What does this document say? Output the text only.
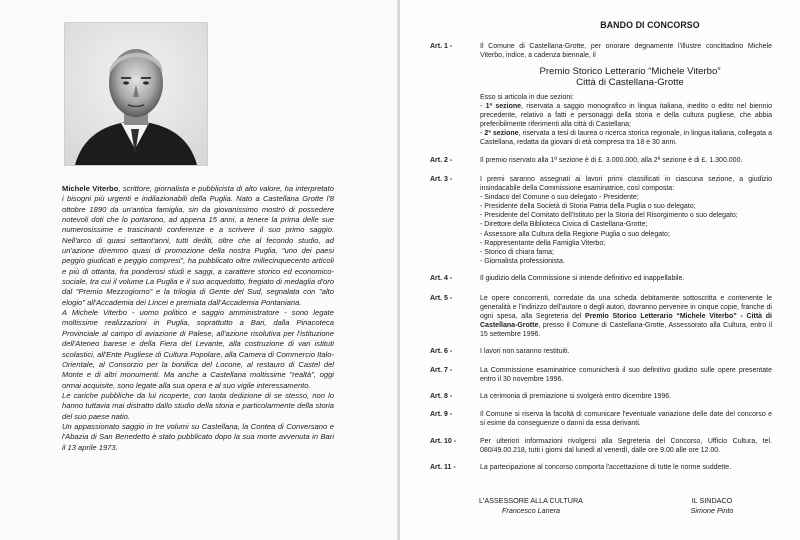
Michele Viterbo, scrittore, giornalista e pubblicista di alto valore, ha interpretato i bisogni più urgenti e indilazionabili della Puglia. Nato a Castellana Grotte l'8 ottobre 1890 da un'antica famiglia, sin da giovanissimo mostrò di possedere notevoli doti che lo portarono, ad appena 15 anni, a tenere la prima delle sue numerosissime e trascinanti conferenze e a scrivere il suo primo saggio. Nell'arco di quasi settant'anni, tutti dediti, oltre che al fecondo studio, ad un'azione diremmo quasi di promozione della nostra Puglia, "uno dei paesi peggio giudicati e peggio compresi", ha pubblicato oltre millecinquecento articoli e più di ottanta, fra ponderosi studi e saggi, a carattere storico ed economico-sociale, tra cui il volume La Puglia e il suo acquedotto, fregiato di medaglia d'oro dal "Premio Mezzogiorno" e la trilogia di Gente del Sud, segnalata con "alto elogio" all'Accademia dei Lincei e premiata dall'Accademia Pontaniana.

A Michele Viterbo - uomo politico e saggio amministratore - sono legate moltissime realizzazioni in Puglia, soprattutto a Bari, dalla Pinacoteca Provinciale al campo di aviazione di Palese, all'azione risolutiva per l'istituzione dell'Ateneo barese e della Fiera del Levante, alla costruzione di vari istituti scolastici, all'Ente Pugliese di Cultura Popolare, alla Camera di Commercio Italo-Orientale, al Consorzio per la bonifica del Locone, al restauro di Castel del Monte e di altri monumenti. Ma anche a Castellana moltissime "realtà", oggi ormai acquisite, sono legate alla sua opera e al suo vigile interessamento.

Le cariche pubbliche da lui ricoperte, con tanta dedizione di se stesso, non lo hanno tuttavia mai distratto dallo studio della storia e particolarmente della storia del suo paese natio.

Un appassionato saggio in tre volumi su Castellana, la Contea di Conversano e l'Abazia di San Benedetto è stato pubblicato dopo la sua morte avvenuta in Bari il 13 aprile 1973.

BANDO DI CONCORSO
Art. 1 -	Il Comune di Castellana-Grotte, per onorare degnamente l'illustre concittadino Michele Viterbo, indice, a cadenza biennale, il
Premio Storico Letterario “Michele Viterbo”
Città di Castellana-Grotte
Esso si articola in due sezioni:
- 1ª sezione, riservata a saggio monografico in lingua italiana, inedito o edito nel biennio precedente, relativo a fatti e personaggi della storia e della cultura pugliese, che abbia preferibilmente riferimenti alla città di Castellana;
- 2ª sezione, riservata a tesi di laurea o ricerca storica regionale, in lingua italiana, collegata a Castellana, redatta da giovani di età compresa tra 18 e 30 anni.
Art. 2 -	Il premio riservato alla 1ª sezione è di £. 3.000.000, alla 2ª sezione è di £. 1.300.000.
Art. 3 -	I premi saranno assegnati ai lavori primi classificati in ciascuna sezione, a giudizio insindacabile della Commissione esaminatrice, così composta:
- Sindaco del Comune o suo delegato - Presidente;
- Presidente della Società di Storia Patria della Puglia o suo delegato;
- Presidente del Comitato dell'Istituto per la Storia del Risorgimento o suo delegato;
- Direttore della Biblioteca Civica di Castellana-Grotte;
- Assessore alla Cultura della Regione Puglia o suo delegato;
- Rappresentante della Famiglia Viterbo;
- Storico di chiara fama;
- Giornalista professionista.
Art. 4 -	Il giudizio della Commissione si intende definitivo ed inappellabile.
Art. 5 -	Le opere concorrenti, corredate da una scheda debitamente sottoscritta e contenente le generalità e l'indirizzo dell'autore o degli autori, dovranno pervenire in cinque copie, franche di ogni spesa, alla Segreteria del Premio Storico Letterario “Michele Viterbo” - Città di Castellana-Grotte, presso il Comune di Castellana-Grotte, Assessorato alla Cultura, entro il 15 settembre 1996.
Art. 6 -	I lavori non saranno restituiti.
Art. 7 -	La Commissione esaminatrice comunicherà il suo definitivo giudizio sulle opere presentate entro il 30 novembre 1996.
Art. 8 -	La cerimonia di premiazione si svolgerà entro dicembre 1996.
Art. 9 -	Il Comune si riserva la facoltà di comunicare l'eventuale variazione delle date del concorso e si esime da conseguenze o danni da essa derivanti.
Art. 10 -	Per ulteriori informazioni rivolgersi alla Segreteria del Concorso, Ufficio Cultura, tel. 080/49.00.218, tutti i giorni dal lunedì al venerdì, dalle ore 9.00 alle ore 12.00.
Art. 11 -	La partecipazione al concorso comporta l'accettazione di tutte le norme suddette.
L'ASSESSORE ALLA CULTURA
Francesco Lanera
IL SINDACO
Simone Pinto
